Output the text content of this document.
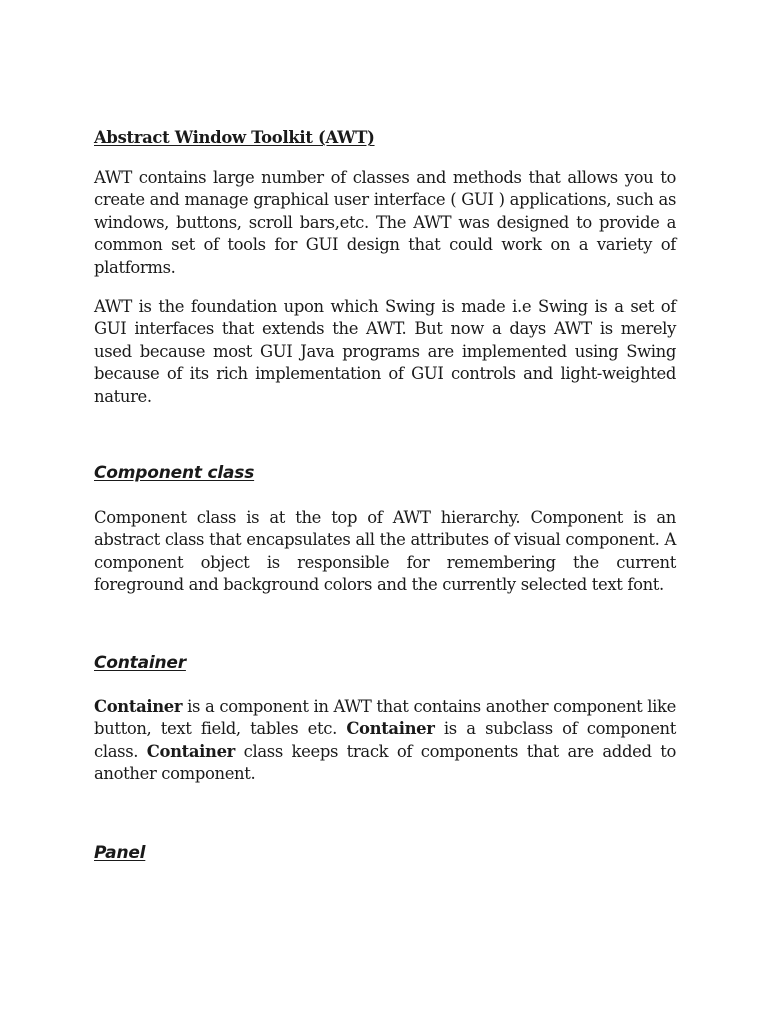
Abstract Window Toolkit (AWT)

AWT contains large number of classes and methods that allows you to create and manage graphical user interface ( GUI ) applications, such as windows, buttons, scroll bars,etc. The AWT was designed to provide a common set of tools for GUI design that could work on a variety of platforms.

AWT is the foundation upon which Swing is made i.e Swing is a set of GUI interfaces that extends the AWT. But now a days AWT is merely used because most GUI Java programs are implemented using Swing because of its rich implementation of GUI controls and light-weighted nature.

Component class

Component class is at the top of AWT hierarchy. Component is an abstract class that encapsulates all the attributes of visual component. A component object is responsible for remembering the current foreground and background colors and the currently selected text font.

Container

Container is a component in AWT that contains another component like button, text field, tables etc. Container is a subclass of component class. Container class keeps track of components that are added to another component.

Panel
